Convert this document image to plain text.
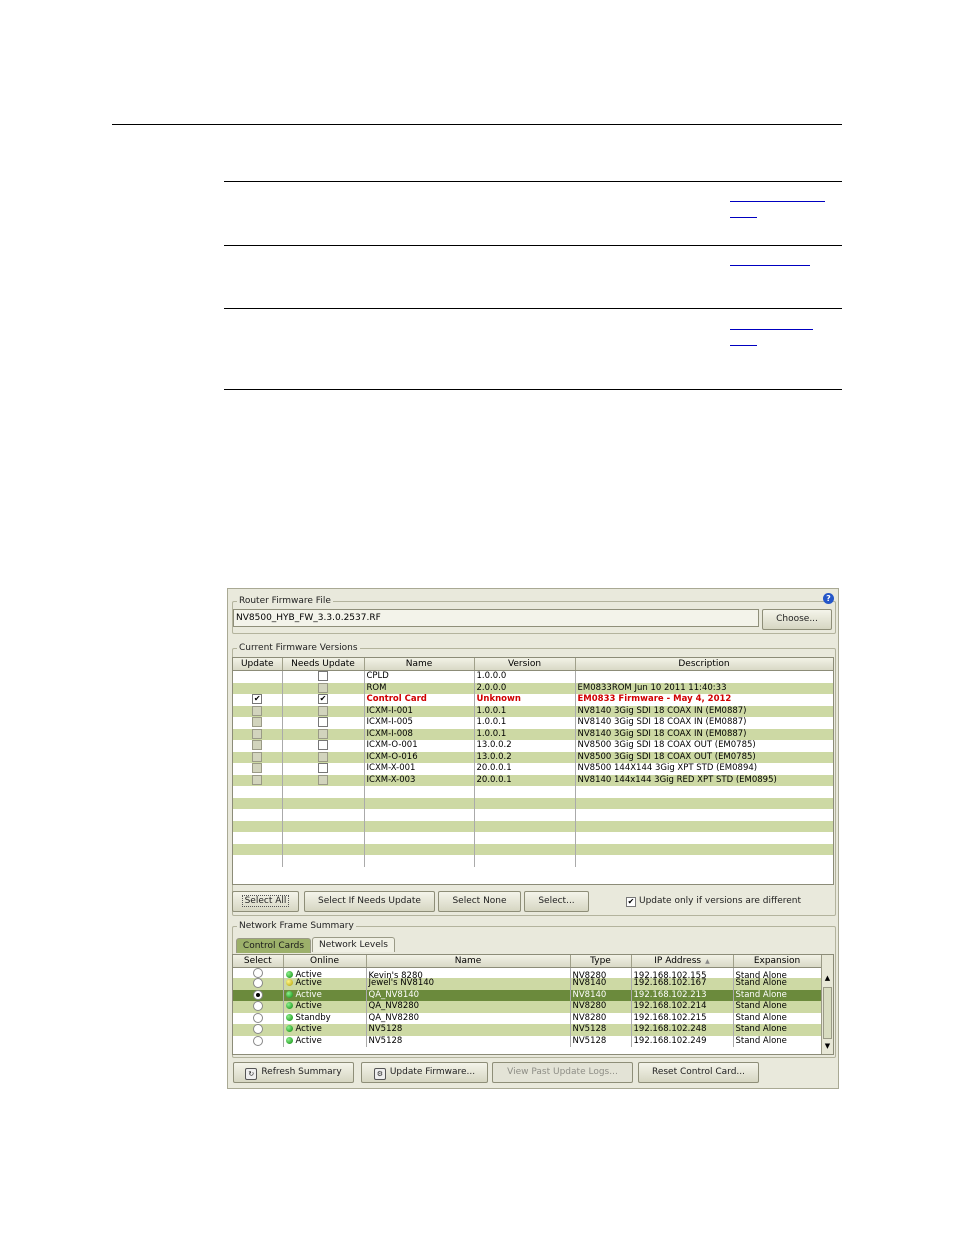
Router Firmware File	?
NV8500_HYB_FW_3.3.0.2537.RF	Choose...
Current Firmware Versions
Update	Needs Update	Name	Version	Description
		CPLD	1.0.0.0	
		ROM	2.0.0.0	EM0833ROM Jun 10 2011 11:40:33
✔	✔	Control Card	Unknown	EM0833 Firmware - May 4, 2012
		ICXM-I-001	1.0.0.1	NV8140 3Gig SDI 18 COAX IN (EM0887)
		ICXM-I-005	1.0.0.1	NV8140 3Gig SDI 18 COAX IN (EM0887)
		ICXM-I-008	1.0.0.1	NV8140 3Gig SDI 18 COAX IN (EM0887)
		ICXM-O-001	13.0.0.2	NV8500 3Gig SDI 18 COAX OUT (EM0785)
		ICXM-O-016	13.0.0.2	NV8500 3Gig SDI 18 COAX OUT (EM0785)
		ICXM-X-001	20.0.0.1	NV8500 144X144 3Gig XPT STD (EM0894)
		ICXM-X-003	20.0.0.1	NV8140 144x144 3Gig RED XPT STD (EM0895)

Select All	Select If Needs Update	Select None	Select...	✔ Update only if versions are different
Network Frame Summary
Control Cards	Network Levels
Select	Online	Name	Type	IP Address ▲	Expansion
	Active	Kevin's 8280	NV8280	192.168.102.155	Stand Alone
	Active	Jewel's NV8140	NV8140	192.168.102.167	Stand Alone
	Active	QA_NV8140	NV8140	192.168.102.213	Stand Alone
	Active	QA_NV8280	NV8280	192.168.102.214	Stand Alone
	Standby	QA_NV8280	NV8280	192.168.102.215	Stand Alone
	Active	NV5128	NV5128	192.168.102.248	Stand Alone
	Active	NV5128	NV5128	192.168.102.249	Stand Alone
▲
▼
↻ Refresh Summary	⚙ Update Firmware...	View Past Update Logs...	Reset Control Card...
